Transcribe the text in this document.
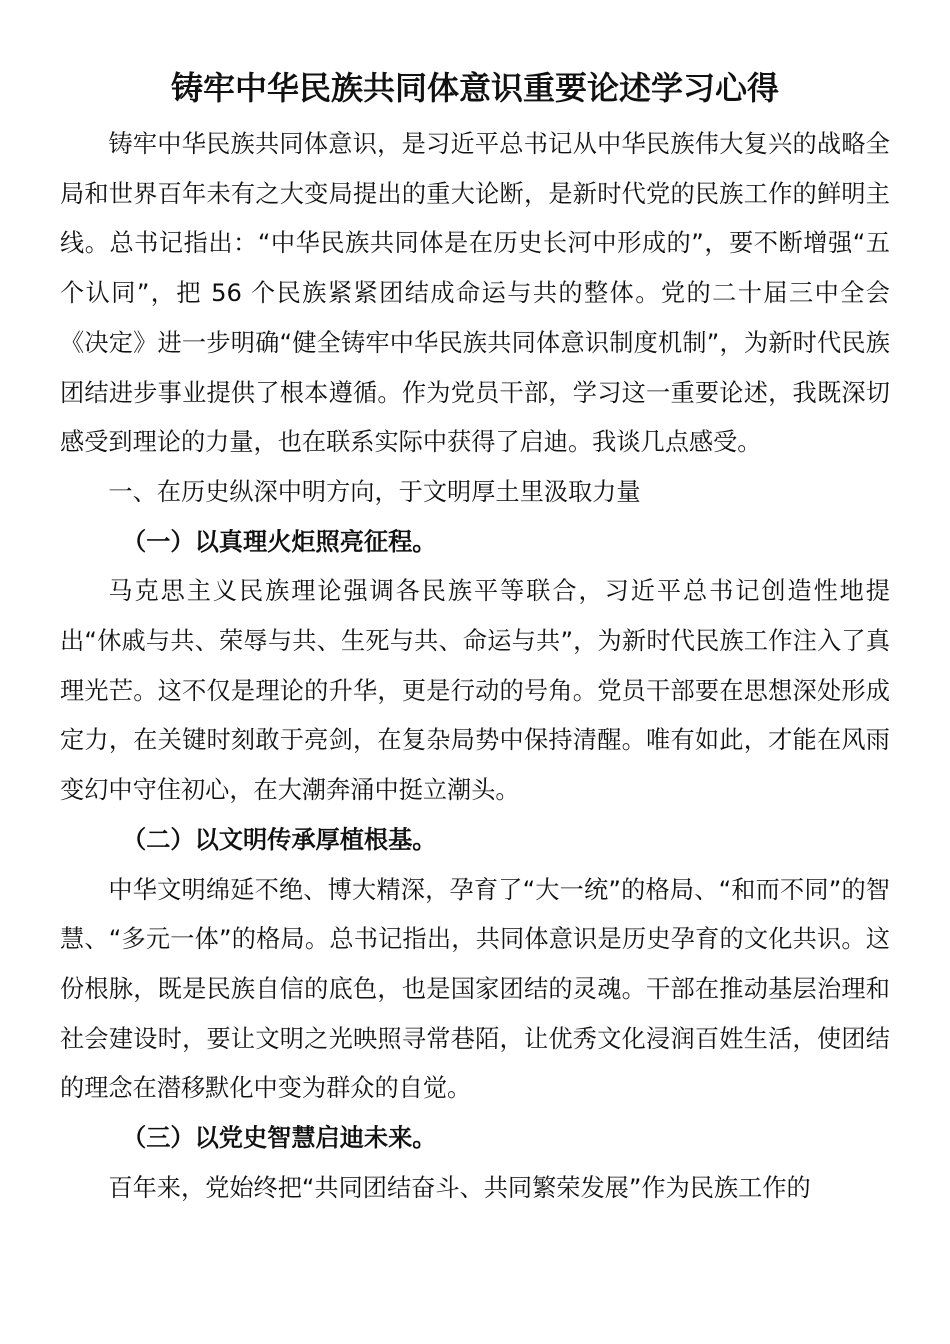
铸牢中华民族共同体意识重要论述学习心得

铸牢中华民族共同体意识，是习近平总书记从中华民族伟大复兴的战略全局和世界百年未有之大变局提出的重大论断，是新时代党的民族工作的鲜明主线。总书记指出：“中华民族共同体是在历史长河中形成的”，要不断增强“五个认同”，把 56 个民族紧紧团结成命运与共的整体。党的二十届三中全会《决定》进一步明确“健全铸牢中华民族共同体意识制度机制”，为新时代民族团结进步事业提供了根本遵循。作为党员干部，学习这一重要论述，我既深切感受到理论的力量，也在联系实际中获得了启迪。我谈几点感受。

一、在历史纵深中明方向，于文明厚土里汲取力量

（一）以真理火炬照亮征程。

马克思主义民族理论强调各民族平等联合，习近平总书记创造性地提出“休戚与共、荣辱与共、生死与共、命运与共”，为新时代民族工作注入了真理光芒。这不仅是理论的升华，更是行动的号角。党员干部要在思想深处形成定力，在关键时刻敢于亮剑，在复杂局势中保持清醒。唯有如此，才能在风雨变幻中守住初心，在大潮奔涌中挺立潮头。

（二）以文明传承厚植根基。

中华文明绵延不绝、博大精深，孕育了“大一统”的格局、“和而不同”的智慧、“多元一体”的格局。总书记指出，共同体意识是历史孕育的文化共识。这份根脉，既是民族自信的底色，也是国家团结的灵魂。干部在推动基层治理和社会建设时，要让文明之光映照寻常巷陌，让优秀文化浸润百姓生活，使团结的理念在潜移默化中变为群众的自觉。

（三）以党史智慧启迪未来。

百年来，党始终把“共同团结奋斗、共同繁荣发展”作为民族工作的
